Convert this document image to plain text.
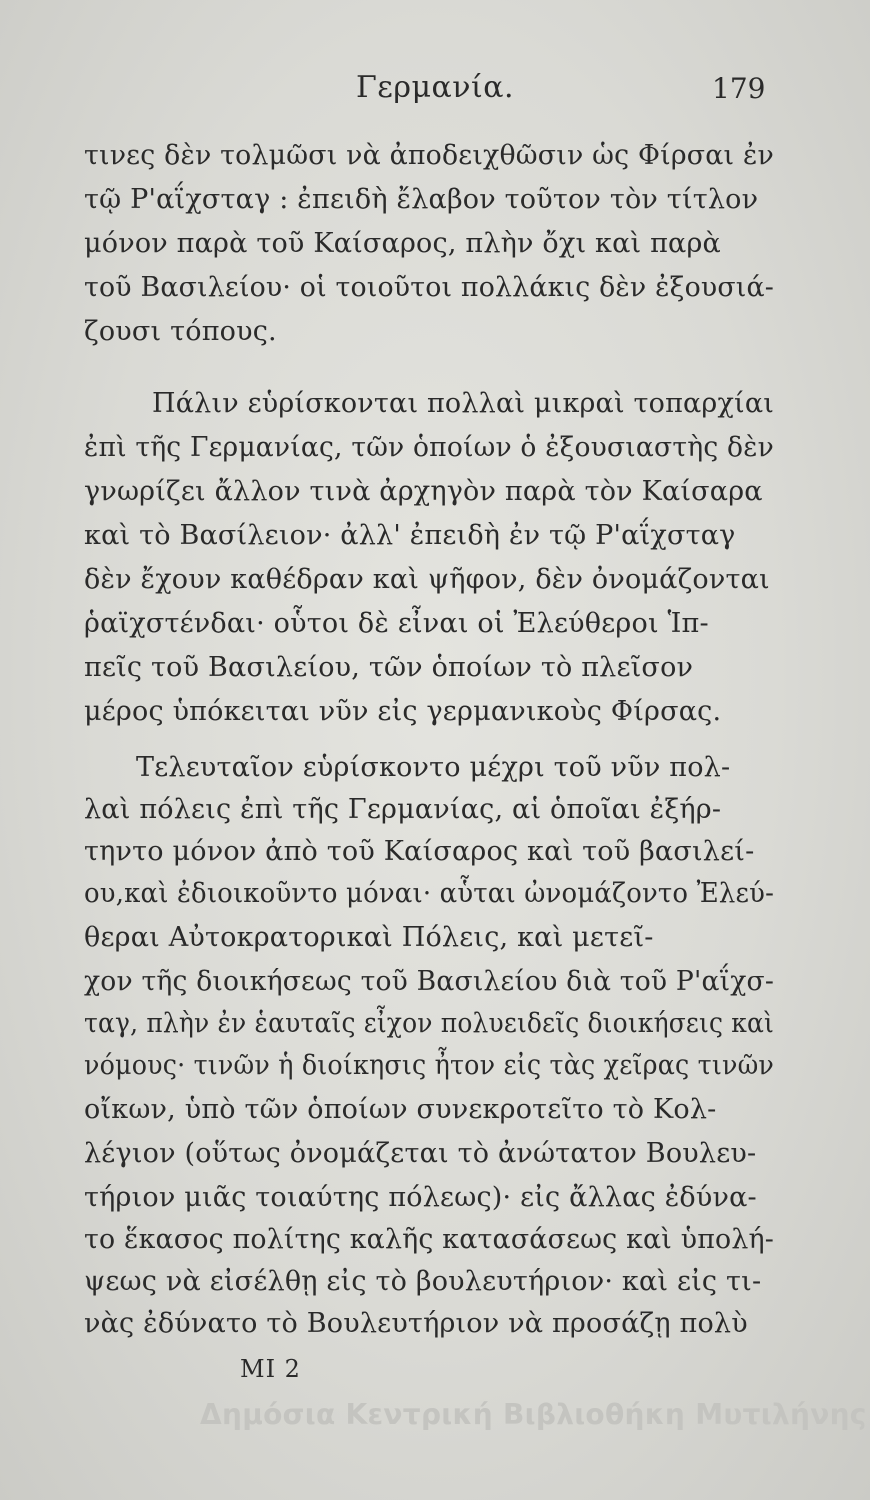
Γερμανία.	179
τινες δὲν τολμῶσι νὰ ἀποδειχθῶσιν ὡς Φίρσαι ἐν
τῷ Ρ'αΐχσταγ : ἐπειδὴ ἔλαβον τοῦτον τὸν τίτλον
μόνον παρὰ τοῦ Καίσαρος, πλὴν ὄχι καὶ παρὰ
τοῦ Βασιλείου· οἱ τοιοῦτοι πολλάκις δὲν ἐξουσιά-
ζουσι τόπους.
Πάλιν εὑρίσκονται πολλαὶ μικραὶ τοπαρχίαι
ἐπὶ τῆς Γερμανίας, τῶν ὁποίων ὁ ἐξουσιαστὴς δὲν
γνωρίζει ἄλλον τινὰ ἀρχηγὸν παρὰ τὸν Καίσαρα
καὶ τὸ Βασίλειον· ἀλλ' ἐπειδὴ ἐν τῷ Ρ'αΐχσταγ
δὲν ἔχουν καθέδραν καὶ ψῆφον, δὲν ὀνομάζονται
ῥαϊχστένδαι· οὗτοι δὲ εἶναι οἱ Ἐλεύθεροι Ἱπ-
πεῖς τοῦ Βασιλείου, τῶν ὁποίων τὸ πλεῖσον
μέρος ὑπόκειται νῦν εἰς γερμανικοὺς Φίρσας.
Τελευταῖον εὑρίσκοντο μέχρι τοῦ νῦν πολ-
λαὶ πόλεις ἐπὶ τῆς Γερμανίας, αἱ ὁποῖαι ἐξήρ-
τηντο μόνον ἀπὸ τοῦ Καίσαρος καὶ τοῦ βασιλεί-
ου,καὶ ἐδιοικοῦντο μόναι· αὗται ὠνομάζοντο Ἐλεύ-
θεραι Αὐτοκρατορικαὶ Πόλεις, καὶ μετεῖ-
χον τῆς διοικήσεως τοῦ Βασιλείου διὰ τοῦ Ρ'αΐχσ-
ταγ, πλὴν ἐν ἑαυταῖς εἶχον πολυειδεῖς διοικήσεις καὶ
νόμους· τινῶν ἡ διοίκησις ἦτον εἰς τὰς χεῖρας τινῶν
οἴκων, ὑπὸ τῶν ὁποίων συνεκροτεῖτο τὸ Κολ-
λέγιον (οὕτως ὀνομάζεται τὸ ἀνώτατον Βουλευ-
τήριον μιᾶς τοιαύτης πόλεως)· εἰς ἄλλας ἐδύνα-
το ἕκασος πολίτης καλῆς κατασάσεως καὶ ὑπολή-
ψεως νὰ εἰσέλθῃ εἰς τὸ βουλευτήριον· καὶ εἰς τι-
νὰς ἐδύνατο τὸ Βουλευτήριον νὰ προσάζῃ πολὺ
ΜΙ 2
Δημόσια Κεντρική Βιβλιοθήκη Μυτιλήνης
